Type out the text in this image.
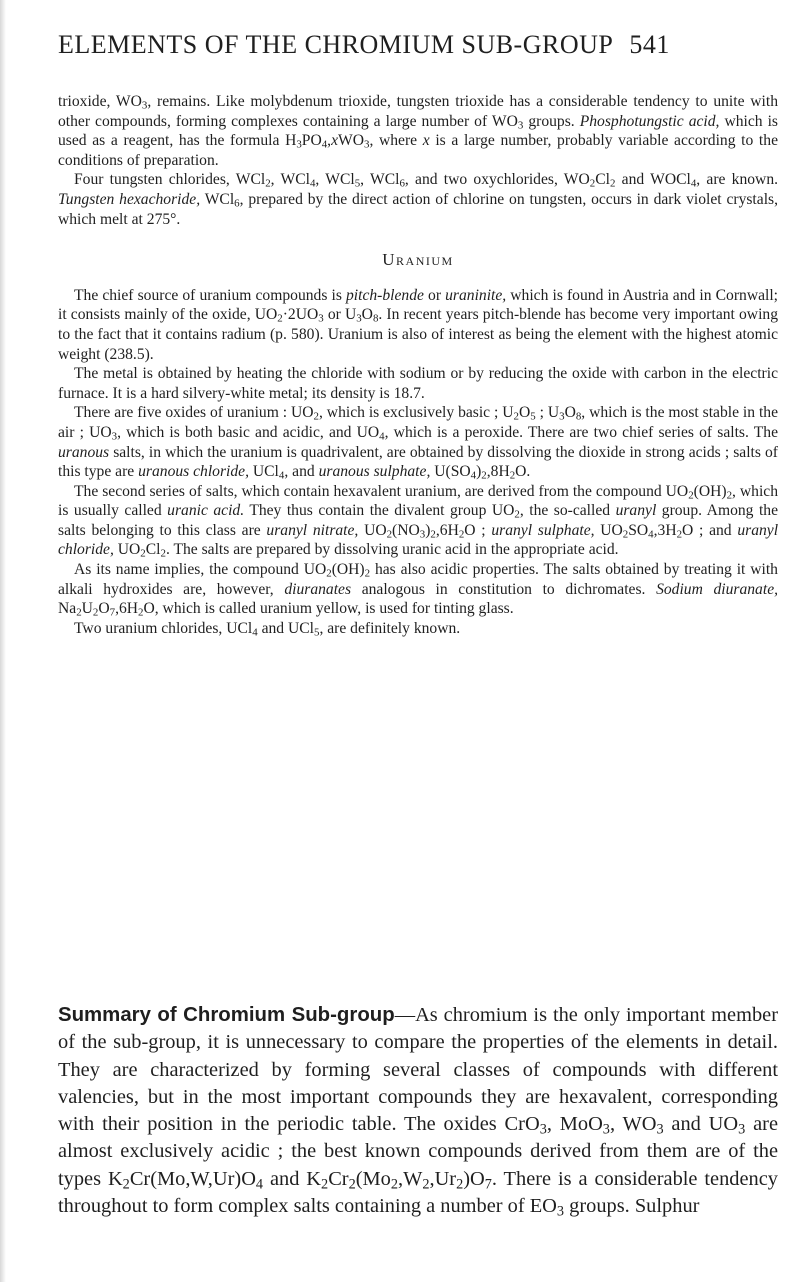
ELEMENTS OF THE CHROMIUM SUB-GROUP 541

trioxide, $WO_3$, remains. Like molybdenum trioxide, tungsten trioxide has a considerable tendency to unite with other compounds, forming complexes containing a large number of $WO_3$ groups. Phosphotungstic acid, which is used as a reagent, has the formula $H_3PO_4,xWO_3$, where x is a large number, probably variable according to the conditions of preparation.

Four tungsten chlorides, WCl$_2$, WCl$_4$, WCl$_5$, WCl$_6$, and two oxychlorides, $WO_2Cl_2$ and WOCl$_4$, are known. Tungsten hexachoride, WCl$_6$, prepared by the direct action of chlorine on tungsten, occurs in dark violet crystals, which melt at 275°.

Uranium

The chief source of uranium compounds is pitch-blende or uraninite, which is found in Austria and in Cornwall; it consists mainly of the oxide, $UO_2\cdot 2UO_3$ or $U_3O_8$. In recent years pitch-blende has become very important owing to the fact that it contains radium (p. 580). Uranium is also of interest as being the element with the highest atomic weight (238.5).

The metal is obtained by heating the chloride with sodium or by reducing the oxide with carbon in the electric furnace. It is a hard silvery-white metal; its density is 18.7.

There are five oxides of uranium : $UO_2$, which is exclusively basic ; $U_2O_5$ ; $U_3O_8$, which is the most stable in the air ; $UO_3$, which is both basic and acidic, and $UO_4$, which is a peroxide. There are two chief series of salts. The uranous salts, in which the uranium is quadrivalent, are obtained by dissolving the dioxide in strong acids ; salts of this type are uranous chloride, UCl$_4$, and uranous sulphate, $U(SO_4)_2,8H_2O$.

The second series of salts, which contain hexavalent uranium, are derived from the compound $UO_2(OH)_2$, which is usually called uranic acid. They thus contain the divalent group $UO_2$, the so-called uranyl group. Among the salts belonging to this class are uranyl nitrate, $UO_2(NO_3)_2,6H_2O$ ; uranyl sulphate, $UO_2SO_4,3H_2O$ ; and uranyl chloride, $UO_2Cl_2$. The salts are prepared by dissolving uranic acid in the appropriate acid.

As its name implies, the compound $UO_2(OH)_2$ has also acidic properties. The salts obtained by treating it with alkali hydroxides are, however, diuranates analogous in constitution to dichromates. Sodium diuranate, $Na_2U_2O_7,6H_2O$, which is called uranium yellow, is used for tinting glass.

Two uranium chlorides, UCl$_4$ and UCl$_5$, are definitely known.

Summary of Chromium Sub-group—As chromium is the only important member of the sub-group, it is unnecessary to compare the properties of the elements in detail. They are characterized by forming several classes of compounds with different valencies, but in the most important compounds they are hexavalent, corresponding with their position in the periodic table. The oxides CrO$_3$, MoO$_3$, $WO_3$ and $UO_3$ are almost exclusively acidic ; the best known compounds derived from them are of the types $K_2Cr(Mo,W,Ur)O_4$ and $K_2Cr_2(Mo_2,W_2,Ur_2)O_7$. There is a considerable tendency throughout to form complex salts containing a number of $EO_3$ groups. Sulphur
